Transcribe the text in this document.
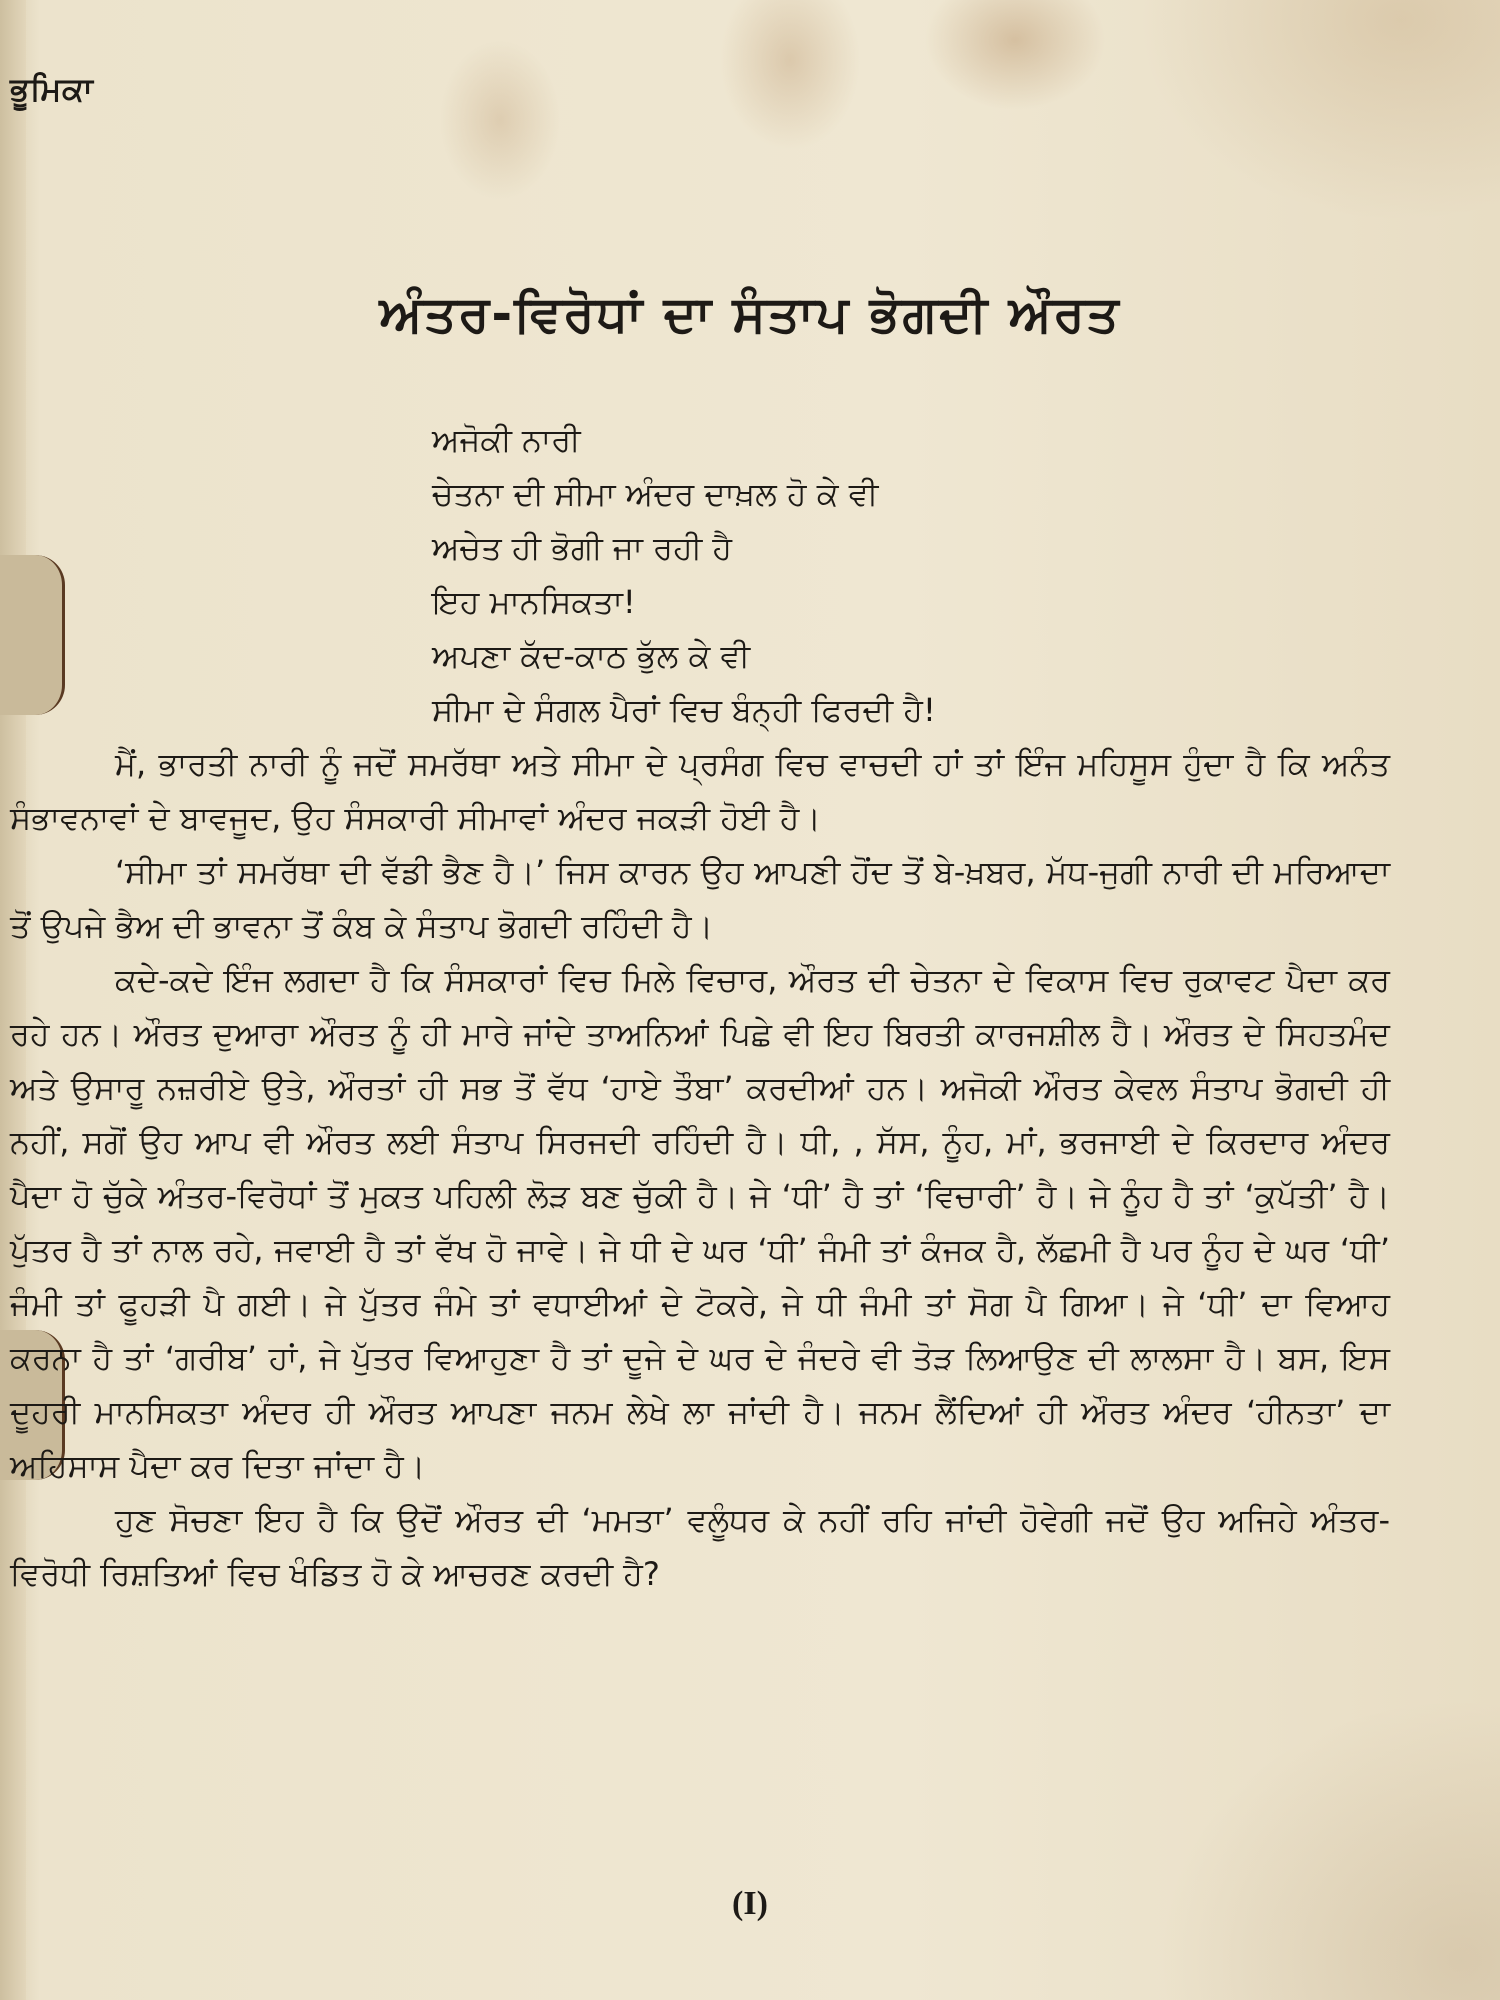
ਭੂਮਿਕਾ
ਅੰਤਰ-ਵਿਰੋਧਾਂ ਦਾ ਸੰਤਾਪ ਭੋਗਦੀ ਔਰਤ
ਅਜੋਕੀ ਨਾਰੀ
ਚੇਤਨਾ ਦੀ ਸੀਮਾ ਅੰਦਰ ਦਾਖ਼ਲ ਹੋ ਕੇ ਵੀ
ਅਚੇਤ ਹੀ ਭੋਗੀ ਜਾ ਰਹੀ ਹੈ
ਇਹ ਮਾਨਸਿਕਤਾ!
ਅਪਣਾ ਕੱਦ-ਕਾਠ ਭੁੱਲ ਕੇ ਵੀ
ਸੀਮਾ ਦੇ ਸੰਗਲ ਪੈਰਾਂ ਵਿਚ ਬੰਨ੍ਹੀ ਫਿਰਦੀ ਹੈ!

ਮੈਂ, ਭਾਰਤੀ ਨਾਰੀ ਨੂੰ ਜਦੋਂ ਸਮਰੱਥਾ ਅਤੇ ਸੀਮਾ ਦੇ ਪ੍ਰਸੰਗ ਵਿਚ ਵਾਚਦੀ ਹਾਂ ਤਾਂ ਇੰਜ ਮਹਿਸੂਸ ਹੁੰਦਾ ਹੈ ਕਿ ਅਨੰਤ ਸੰਭਾਵਨਾਵਾਂ ਦੇ ਬਾਵਜੂਦ, ਉਹ ਸੰਸਕਾਰੀ ਸੀਮਾਵਾਂ ਅੰਦਰ ਜਕੜੀ ਹੋਈ ਹੈ।

‘ਸੀਮਾ ਤਾਂ ਸਮਰੱਥਾ ਦੀ ਵੱਡੀ ਭੈਣ ਹੈ।’ ਜਿਸ ਕਾਰਨ ਉਹ ਆਪਣੀ ਹੋਂਦ ਤੋਂ ਬੇ-ਖ਼ਬਰ, ਮੱਧ-ਜੁਗੀ ਨਾਰੀ ਦੀ ਮਰਿਆਦਾ ਤੋਂ ਉਪਜੇ ਭੈਅ ਦੀ ਭਾਵਨਾ ਤੋਂ ਕੰਬ ਕੇ ਸੰਤਾਪ ਭੋਗਦੀ ਰਹਿੰਦੀ ਹੈ।

ਕਦੇ-ਕਦੇ ਇੰਜ ਲਗਦਾ ਹੈ ਕਿ ਸੰਸਕਾਰਾਂ ਵਿਚ ਮਿਲੇ ਵਿਚਾਰ, ਔਰਤ ਦੀ ਚੇਤਨਾ ਦੇ ਵਿਕਾਸ ਵਿਚ ਰੁਕਾਵਟ ਪੈਦਾ ਕਰ ਰਹੇ ਹਨ। ਔਰਤ ਦੁਆਰਾ ਔਰਤ ਨੂੰ ਹੀ ਮਾਰੇ ਜਾਂਦੇ ਤਾਅਨਿਆਂ ਪਿਛੇ ਵੀ ਇਹ ਬਿਰਤੀ ਕਾਰਜਸ਼ੀਲ ਹੈ। ਔਰਤ ਦੇ ਸਿਹਤਮੰਦ ਅਤੇ ਉਸਾਰੂ ਨਜ਼ਰੀਏ ਉਤੇ, ਔਰਤਾਂ ਹੀ ਸਭ ਤੋਂ ਵੱਧ ‘ਹਾਏ ਤੌਬਾ’ ਕਰਦੀਆਂ ਹਨ। ਅਜੋਕੀ ਔਰਤ ਕੇਵਲ ਸੰਤਾਪ ਭੋਗਦੀ ਹੀ ਨਹੀਂ, ਸਗੋਂ ਉਹ ਆਪ ਵੀ ਔਰਤ ਲਈ ਸੰਤਾਪ ਸਿਰਜਦੀ ਰਹਿੰਦੀ ਹੈ। ਧੀ, , ਸੱਸ, ਨੂੰਹ, ਮਾਂ, ਭਰਜਾਈ ਦੇ ਕਿਰਦਾਰ ਅੰਦਰ ਪੈਦਾ ਹੋ ਚੁੱਕੇ ਅੰਤਰ-ਵਿਰੋਧਾਂ ਤੋਂ ਮੁਕਤ ਪਹਿਲੀ ਲੋੜ ਬਣ ਚੁੱਕੀ ਹੈ। ਜੇ ‘ਧੀ’ ਹੈ ਤਾਂ ‘ਵਿਚਾਰੀ’ ਹੈ। ਜੇ ਨੂੰਹ ਹੈ ਤਾਂ ‘ਕੁਪੱਤੀ’ ਹੈ। ਪੁੱਤਰ ਹੈ ਤਾਂ ਨਾਲ ਰਹੇ, ਜਵਾਈ ਹੈ ਤਾਂ ਵੱਖ ਹੋ ਜਾਵੇ। ਜੇ ਧੀ ਦੇ ਘਰ ‘ਧੀ’ ਜੰਮੀ ਤਾਂ ਕੰਜਕ ਹੈ, ਲੱਛਮੀ ਹੈ ਪਰ ਨੂੰਹ ਦੇ ਘਰ ‘ਧੀ’ ਜੰਮੀ ਤਾਂ ਫੂਹੜੀ ਪੈ ਗਈ। ਜੇ ਪੁੱਤਰ ਜੰਮੇ ਤਾਂ ਵਧਾਈਆਂ ਦੇ ਟੋਕਰੇ, ਜੇ ਧੀ ਜੰਮੀ ਤਾਂ ਸੋਗ ਪੈ ਗਿਆ। ਜੇ ‘ਧੀ’ ਦਾ ਵਿਆਹ ਕਰਨਾ ਹੈ ਤਾਂ ‘ਗਰੀਬ’ ਹਾਂ, ਜੇ ਪੁੱਤਰ ਵਿਆਹੁਣਾ ਹੈ ਤਾਂ ਦੂਜੇ ਦੇ ਘਰ ਦੇ ਜੰਦਰੇ ਵੀ ਤੋੜ ਲਿਆਉਣ ਦੀ ਲਾਲਸਾ ਹੈ। ਬਸ, ਇਸ ਦੂਹਰੀ ਮਾਨਸਿਕਤਾ ਅੰਦਰ ਹੀ ਔਰਤ ਆਪਣਾ ਜਨਮ ਲੇਖੇ ਲਾ ਜਾਂਦੀ ਹੈ। ਜਨਮ ਲੈਂਦਿਆਂ ਹੀ ਔਰਤ ਅੰਦਰ ‘ਹੀਨਤਾ’ ਦਾ ਅਹਿਸਾਸ ਪੈਦਾ ਕਰ ਦਿਤਾ ਜਾਂਦਾ ਹੈ।

ਹੁਣ ਸੋਚਣਾ ਇਹ ਹੈ ਕਿ ਉਦੋਂ ਔਰਤ ਦੀ ‘ਮਮਤਾ’ ਵਲੂੰਧਰ ਕੇ ਨਹੀਂ ਰਹਿ ਜਾਂਦੀ ਹੋਵੇਗੀ ਜਦੋਂ ਉਹ ਅਜਿਹੇ ਅੰਤਰ-ਵਿਰੋਧੀ ਰਿਸ਼ਤਿਆਂ ਵਿਚ ਖੰਡਿਤ ਹੋ ਕੇ ਆਚਰਣ ਕਰਦੀ ਹੈ?

(I)
